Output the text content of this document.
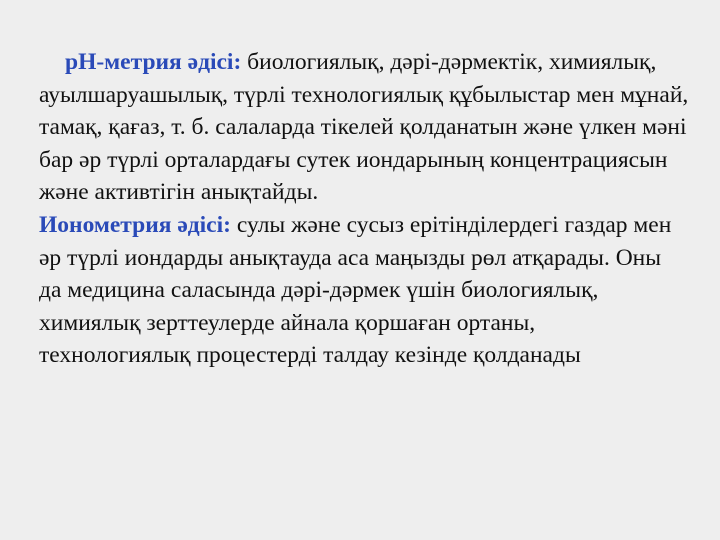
рН-метрия әдісі: биологиялық, дәрі-дәрмектік, химиялық, ауылшаруашылық, түрлі технологиялық құбылыстар мен мұнай, тамақ, қағаз, т. б. салаларда тікелей қолданатын және үлкен мәні бар әр түрлі орталардағы сутек иондарының концентрациясын және активтігін анықтайды.

Ионометрия әдісі: сулы және сусыз ерітінділердегі газдар мен әр түрлі иондарды анықтауда аса маңызды рөл атқарады. Оны да медицина саласында дәрі-дәрмек үшін биологиялық, химиялық зерттеулерде айнала қоршаған ортаны, технологиялық процестерді талдау кезінде қолданады
